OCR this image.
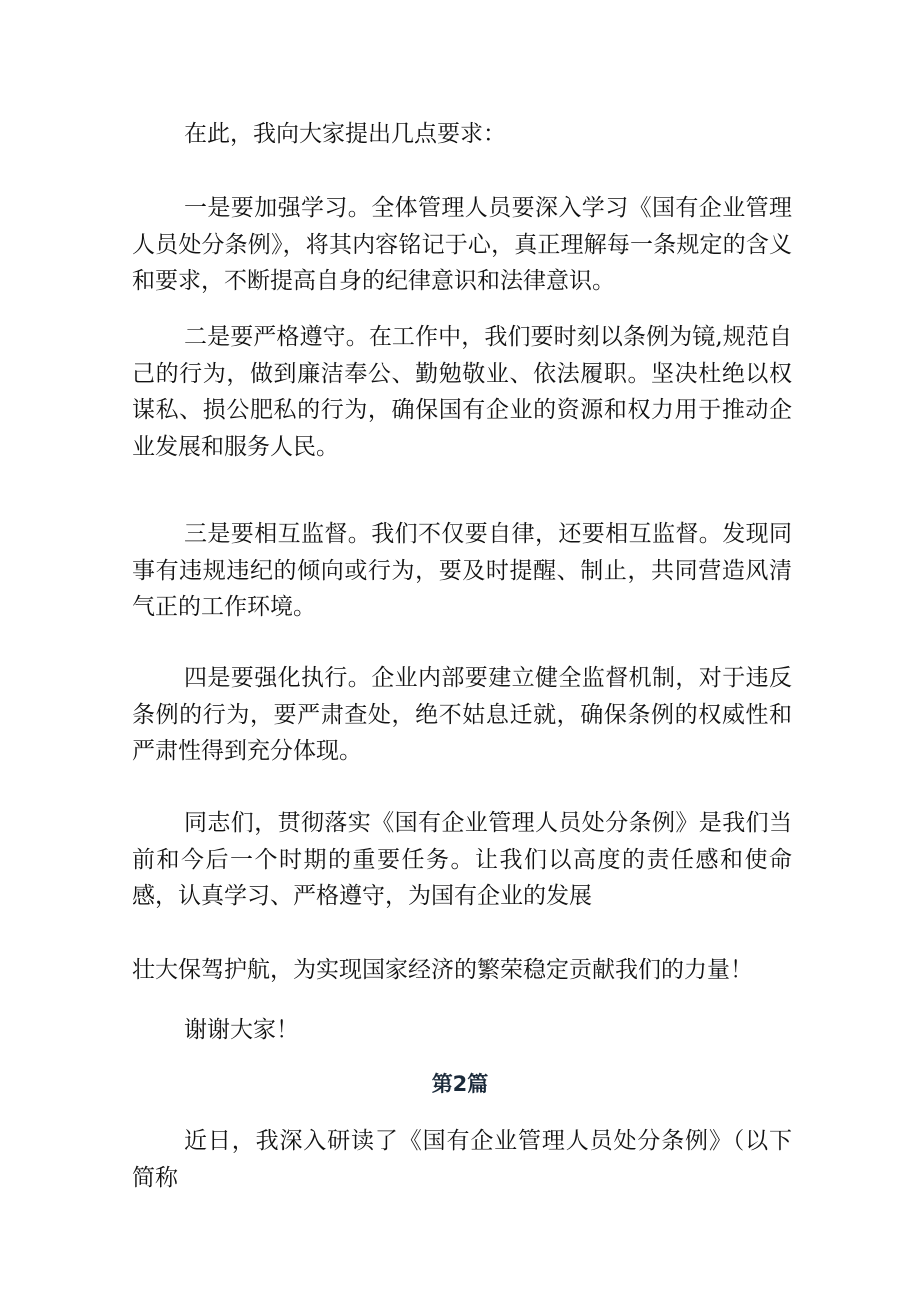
在此，我向大家提出几点要求：

一是要加强学习。全体管理人员要深入学习《国有企业管理人员处分条例》，将其内容铭记于心，真正理解每一条规定的含义和要求，不断提高自身的纪律意识和法律意识。

二是要严格遵守。在工作中，我们要时刻以条例为镜,规范自己的行为，做到廉洁奉公、勤勉敬业、依法履职。坚决杜绝以权谋私、损公肥私的行为，确保国有企业的资源和权力用于推动企业发展和服务人民。

三是要相互监督。我们不仅要自律，还要相互监督。发现同事有违规违纪的倾向或行为，要及时提醒、制止，共同营造风清气正的工作环境。

四是要强化执行。企业内部要建立健全监督机制，对于违反条例的行为，要严肃查处，绝不姑息迁就，确保条例的权威性和严肃性得到充分体现。

同志们，贯彻落实《国有企业管理人员处分条例》是我们当前和今后一个时期的重要任务。让我们以高度的责任感和使命感，认真学习、严格遵守，为国有企业的发展

壮大保驾护航，为实现国家经济的繁荣稳定贡献我们的力量！

谢谢大家！

第2篇

近日，我深入研读了《国有企业管理人员处分条例》（以下简称
